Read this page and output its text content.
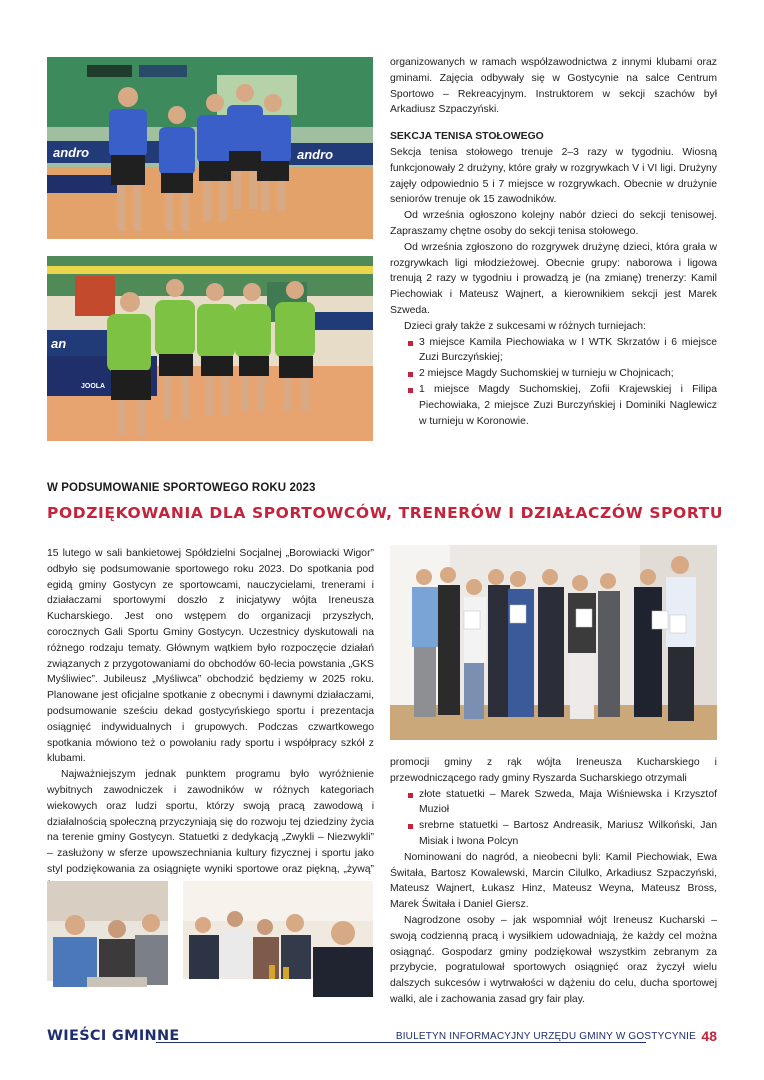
andro	andro
an
JOOLA

organizowanych w ramach współzawodnictwa z innymi klubami oraz gminami. Zajęcia odbywały się w Gostycynie na salce Centrum Sportowo – Rekreacyjnym. Instruktorem w sekcji szachów był Arkadiusz Szpaczyński.

SEKCJA TENISA STOŁOWEGO

Sekcja tenisa stołowego trenuje 2–3 razy w tygodniu. Wiosną funkcjonowały 2 drużyny, które grały w rozgrywkach V i VI ligi. Drużyny zajęły odpowiednio 5 i 7 miejsce w rozgrywkach. Obecnie w drużynie seniorów trenuje ok 15 zawodników.

Od września ogłoszono kolejny nabór dzieci do sekcji tenisowej. Zapraszamy chętne osoby do sekcji tenisa stołowego.

Od września zgłoszono do rozgrywek drużynę dzieci, która grała w rozgrywkach ligi młodzieżowej. Obecnie grupy: naborowa i ligowa trenują 2 razy w tygodniu i prowadzą je (na zmianę) trenerzy: Kamil Piechowiak i Mateusz Wajnert, a kierownikiem sekcji jest Marek Szweda.

Dzieci grały także z sukcesami w różnych turniejach:

3 miejsce Kamila Piechowiaka w I WTK Skrzatów i 6 miejsce Zuzi Burczyńskiej;
2 miejsce Magdy Suchomskiej w turnieju w Chojnicach;
1 miejsce Magdy Suchomskiej, Zofii Krajewskiej i Filipa Piechowiaka, 2 miejsce Zuzi Burczyńskiej i Dominiki Naglewicz w turnieju w Koronowie.
W PODSUMOWANIE SPORTOWEGO ROKU 2023
PODZIĘKOWANIA DLA SPORTOWCÓW, TRENERÓW I DZIAŁACZÓW SPORTU

15 lutego w sali bankietowej Spółdzielni Socjalnej „Borowiacki Wigor” odbyło się podsumowanie sportowego roku 2023. Do spotkania pod egidą gminy Gostycyn ze sportowcami, nauczycielami, trenerami i działaczami sportowymi doszło z inicjatywy wójta Ireneusza Kucharskiego. Jest ono wstępem do organizacji przyszłych, corocznych Gali Sportu Gminy Gostycyn. Uczestnicy dyskutowali na różnego rodzaju tematy. Głównym wątkiem było rozpoczęcie działań związanych z przygotowaniami do obchodów 60-lecia powstania „GKS Myśliwiec”. Jubileusz „Myśliwca” obchodzić będziemy w 2025 roku. Planowane jest oficjalne spotkanie z obecnymi i dawnymi działaczami, podsumowanie sześciu dekad gostycyńskiego sportu i prezentacja osiągnięć indywidualnych i grupowych. Podczas czwartkowego spotkania mówiono też o powołaniu rady sportu i współpracy szkół z klubami.

Najważniejszym jednak punktem programu było wyróżnienie wybitnych zawodniczek i zawodników w różnych kategoriach wiekowych oraz ludzi sportu, którzy swoją pracą zawodową i działalnością społeczną przyczyniają się do rozwoju tej dziedziny życia na terenie gminy Gostycyn. Statuetki z dedykacją „Zwykli – Niezwykli” – zasłużony w sferze upowszechniania kultury fizycznej i sportu jako styl podziękowania za osiągnięte wyniki sportowe oraz piękną, „żywą”

promocji gminy z rąk wójta Ireneusza Kucharskiego i przewodniczącego rady gminy Ryszarda Sucharskiego otrzymali

złote statuetki – Marek Szweda, Maja Wiśniewska i Krzysztof Muzioł
srebrne statuetki – Bartosz Andreasik, Mariusz Wilkoński, Jan Misiak i Iwona Polcyn

Nominowani do nagród, a nieobecni byli: Kamil Piechowiak, Ewa Świtała, Bartosz Kowalewski, Marcin Cilulko, Arkadiusz Szpaczyński, Mateusz Wajnert, Łukasz Hinz, Mateusz Weyna, Mateusz Bross, Marek Świtała i Daniel Giersz.

Nagrodzone osoby – jak wspomniał wójt Ireneusz Kucharski – swoją codzienną pracą i wysiłkiem udowadniają, że każdy cel można osiągnąć. Gospodarz gminy podziękował wszystkim zebranym za przybycie, pogratulował sportowych osiągnięć oraz życzył wielu dalszych sukcesów i wytrwałości w dążeniu do celu, ducha sportowej walki, ale i zachowania zasad gry fair play.

WIEŚCI GMINNE	BIULETYN INFORMACYJNY URZĘDU GMINY W GOSTYCYNIE 48
